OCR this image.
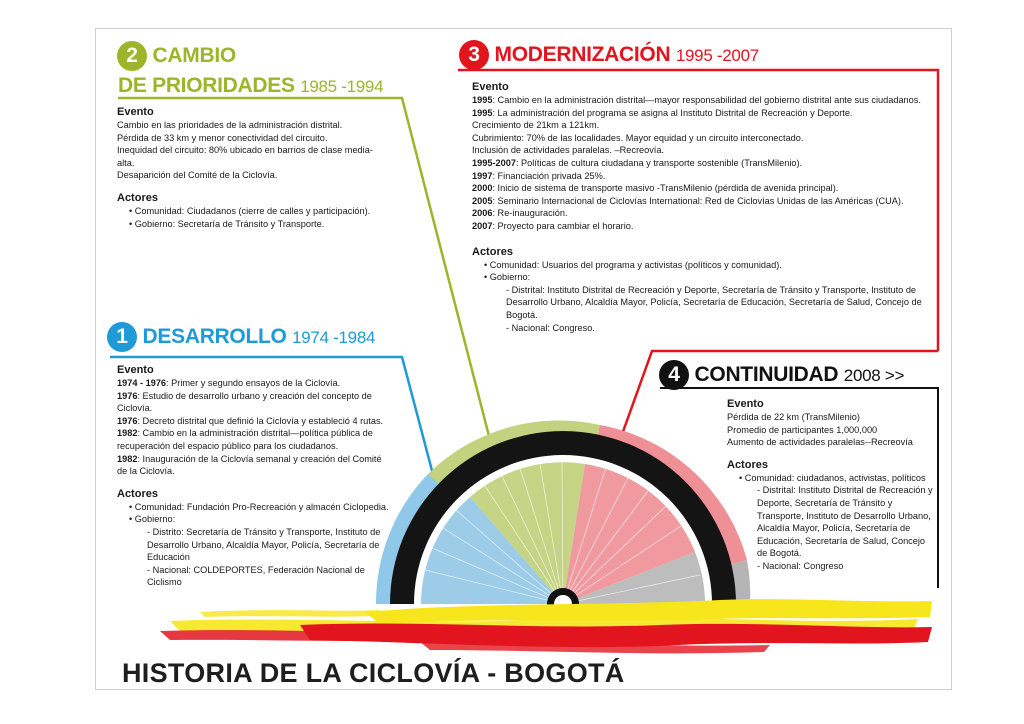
2 CAMBIO
DE PRIORIDADES 1985 -1994
Evento

Cambio en las prioridades de la administración distrital.

Pérdida de 33 km y menor conectividad del circuito.

Inequidad del circuito: 80% ubicado en barrios de clase media-alta.

Desaparición del Comité de la Ciclovía.

Actores
• Comunidad: Ciudadanos (cierre de calles y participación).
• Gobierno: Secretaría de Tránsito y Transporte.
1 DESARROLLO 1974 -1984
Evento

1974 - 1976: Primer y segundo ensayos de la Ciclovía.

1976: Estudio de desarrollo urbano y creación del concepto de Ciclovía.

1976: Decreto distrital que definió la Ciclovía y estableció 4 rutas.

1982: Cambio en la administración distrital—política pública de recuperación del espacio público para los ciudadanos.

1982: Inauguración de la Ciclovía semanal y creación del Comité de la Ciclovía.

Actores
• Comunidad: Fundación Pro-Recreación y almacén Ciclopedia.
• Gobierno:

- Distrito: Secretaría de Tránsito y Transporte, Instituto de Desarrollo Urbano, Alcaldía Mayor, Policía, Secretaría de Educación

- Nacional: COLDEPORTES, Federación Nacional de Ciclismo

3 MODERNIZACIÓN 1995 -2007
Evento

1995: Cambio en la administración distrital—mayor responsabilidad del gobierno distrital ante sus ciudadanos.

1995: La administración del programa se asigna al Instituto Distrital de Recreación y Deporte.

Crecimiento de 21km a 121km.

Cubrimiento: 70% de las localidades. Mayor equidad y un circuito interconectado.

Inclusión de actividades paralelas. –Recreovía.

1995-2007: Políticas de cultura ciudadana y transporte sostenible (TransMilenio).

1997: Financiación privada 25%.

2000: Inicio de sistema de transporte masivo -TransMilenio (pérdida de avenida principal).

2005: Seminario Internacional de Ciclovías International: Red de Ciclovías Unidas de las Américas (CUA).

2006: Re-inauguración.

2007: Proyecto para cambiar el horario.

Actores
• Comunidad: Usuarios del programa y activistas (políticos y comunidad).
• Gobierno:

- Distrital: Instituto Distrital de Recreación y Deporte, Secretaría de Tránsito y Transporte, Instituto de Desarrollo Urbano, Alcaldía Mayor, Policía, Secretaría de Educación, Secretaría de Salud, Concejo de Bogotá.

- Nacional: Congreso.

4 CONTINUIDAD 2008 >>
Evento

Pérdida de 22 km (TransMilenio)

Promedio de participantes 1,000,000

Aumento de actividades paralelas--Recreovía

Actores
• Comunidad: ciudadanos, activistas, políticos

- Distrital: Instituto Distrital de Recreación y Deporte, Secretaría de Tránsito y Transporte, Instituto de Desarrollo Urbano, Alcaldía Mayor, Policía, Secretaría de Educación, Secretaría de Salud, Concejo de Bogotá.

- Nacional: Congreso

HISTORIA DE LA CICLOVÍA - BOGOTÁ
